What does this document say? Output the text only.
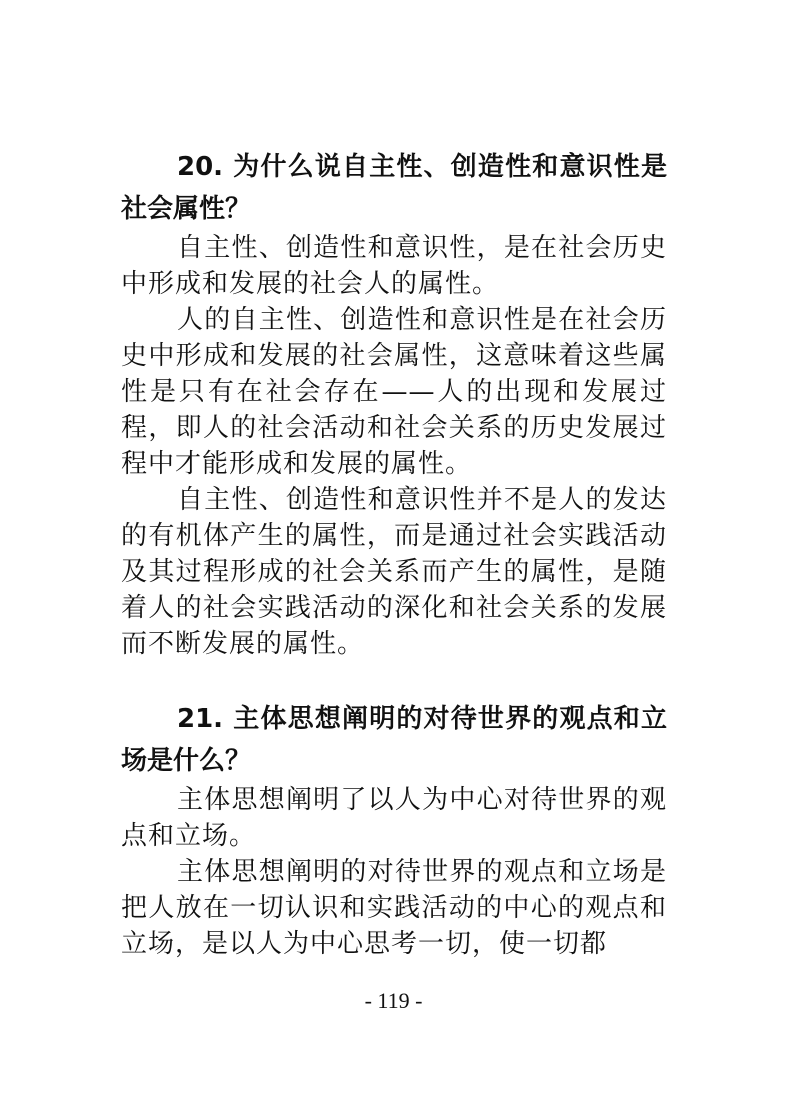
20. 为什么说自主性、创造性和意识性是社会属性？

自主性、创造性和意识性，是在社会历史中形成和发展的社会人的属性。

人的自主性、创造性和意识性是在社会历史中形成和发展的社会属性，这意味着这些属性是只有在社会存在——人的出现和发展过程，即人的社会活动和社会关系的历史发展过程中才能形成和发展的属性。

自主性、创造性和意识性并不是人的发达的有机体产生的属性，而是通过社会实践活动及其过程形成的社会关系而产生的属性，是随着人的社会实践活动的深化和社会关系的发展而不断发展的属性。

21. 主体思想阐明的对待世界的观点和立场是什么？

主体思想阐明了以人为中心对待世界的观点和立场。

主体思想阐明的对待世界的观点和立场是把人放在一切认识和实践活动的中心的观点和立场，是以人为中心思考一切，使一切都

- 119 -
